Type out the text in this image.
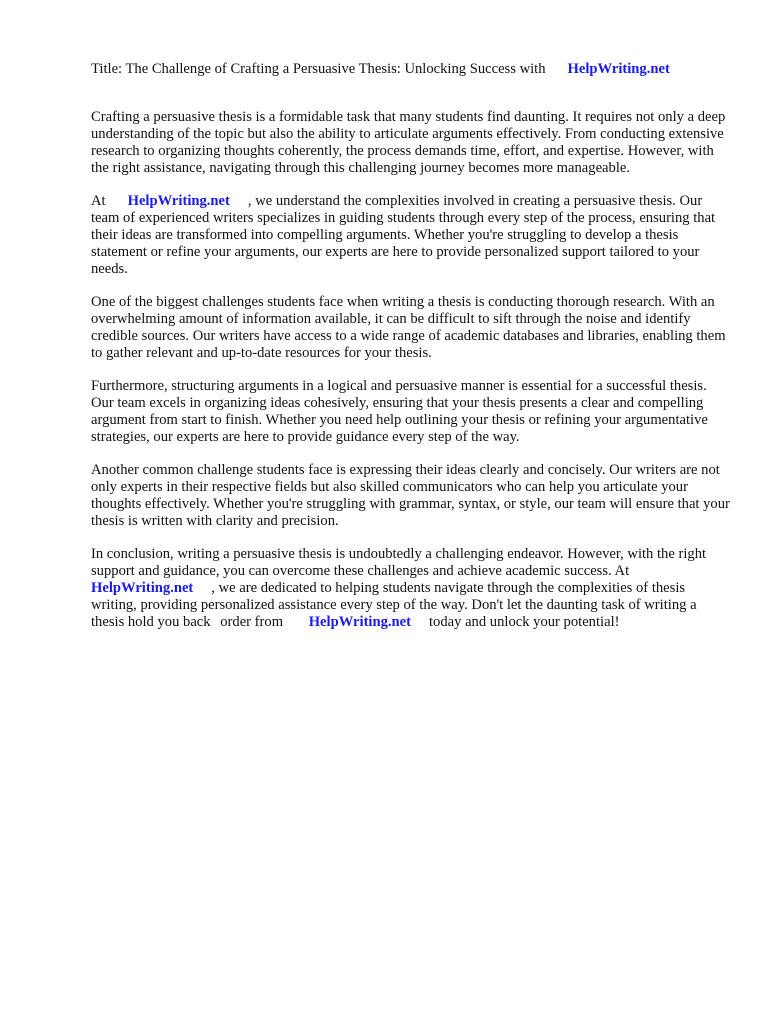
Title: The Challenge of Crafting a Persuasive Thesis: Unlocking Success with HelpWriting.net

Crafting a persuasive thesis is a formidable task that many students find daunting. It requires not only a deep understanding of the topic but also the ability to articulate arguments effectively. From conducting extensive research to organizing thoughts coherently, the process demands time, effort, and expertise. However, with the right assistance, navigating through this challenging journey becomes more manageable.

At HelpWriting.net , we understand the complexities involved in creating a persuasive thesis. Our team of experienced writers specializes in guiding students through every step of the process, ensuring that their ideas are transformed into compelling arguments. Whether you're struggling to develop a thesis statement or refine your arguments, our experts are here to provide personalized support tailored to your needs.

One of the biggest challenges students face when writing a thesis is conducting thorough research. With an overwhelming amount of information available, it can be difficult to sift through the noise and identify credible sources. Our writers have access to a wide range of academic databases and libraries, enabling them to gather relevant and up-to-date resources for your thesis.

Furthermore, structuring arguments in a logical and persuasive manner is essential for a successful thesis. Our team excels in organizing ideas cohesively, ensuring that your thesis presents a clear and compelling argument from start to finish. Whether you need help outlining your thesis or refining your argumentative strategies, our experts are here to provide guidance every step of the way.

Another common challenge students face is expressing their ideas clearly and concisely. Our writers are not only experts in their respective fields but also skilled communicators who can help you articulate your thoughts effectively. Whether you're struggling with grammar, syntax, or style, our team will ensure that your thesis is written with clarity and precision.

In conclusion, writing a persuasive thesis is undoubtedly a challenging endeavor. However, with the right support and guidance, you can overcome these challenges and achieve academic success. At HelpWriting.net , we are dedicated to helping students navigate through the complexities of thesis writing, providing personalized assistance every step of the way. Don't let the daunting task of writing a thesis hold you back order from HelpWriting.net today and unlock your potential!
